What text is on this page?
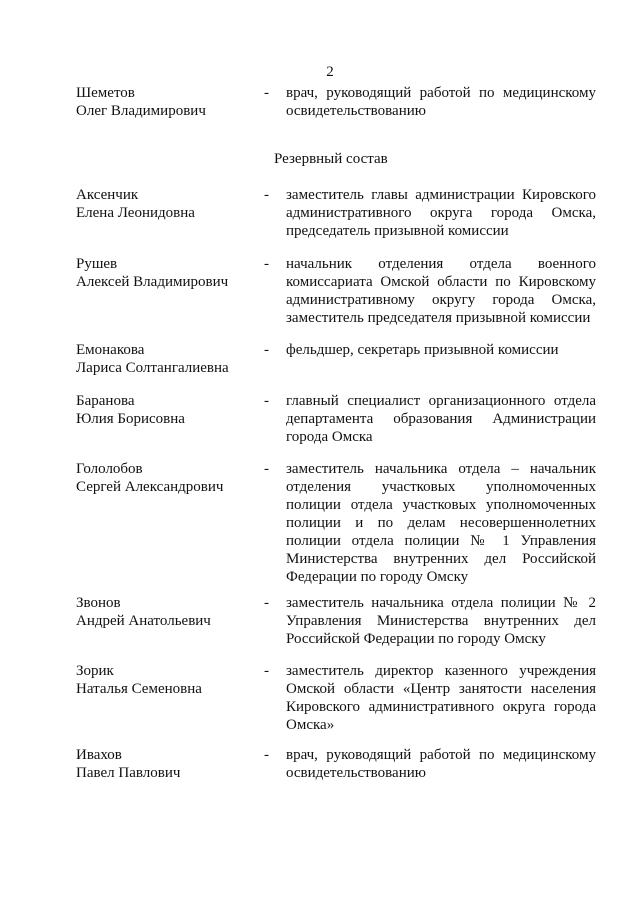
2
Шеметов
Олег Владимирович
- врач, руководящий работой по медицинскому освидетельствованию
Резервный состав
Аксенчик
Елена Леонидовна
- заместитель главы администрации Кировского административного округа города Омска, председатель призывной комиссии
Рушев
Алексей Владимирович
- начальник отделения отдела военного комиссариата Омской области по Кировскому административному округу города Омска, заместитель председателя призывной комиссии
Емонакова
Лариса Солтангалиевна
- фельдшер, секретарь призывной комиссии
Баранова
Юлия Борисовна
- главный специалист организационного отдела департамента образования Администрации города Омска
Гололобов
Сергей Александрович
- заместитель начальника отдела – начальник отделения участковых уполномоченных полиции отдела участковых уполномоченных полиции и по делам несовершеннолетних полиции отдела полиции № 1 Управления Министерства внутренних дел Российской Федерации по городу Омску
Звонов
Андрей Анатольевич
- заместитель начальника отдела полиции № 2 Управления Министерства внутренних дел Российской Федерации по городу Омску
Зорик
Наталья Семеновна
- заместитель директор казенного учреждения Омской области «Центр занятости населения Кировского административного округа города Омска»
Ивахов
Павел Павлович
- врач, руководящий работой по медицинскому освидетельствованию
